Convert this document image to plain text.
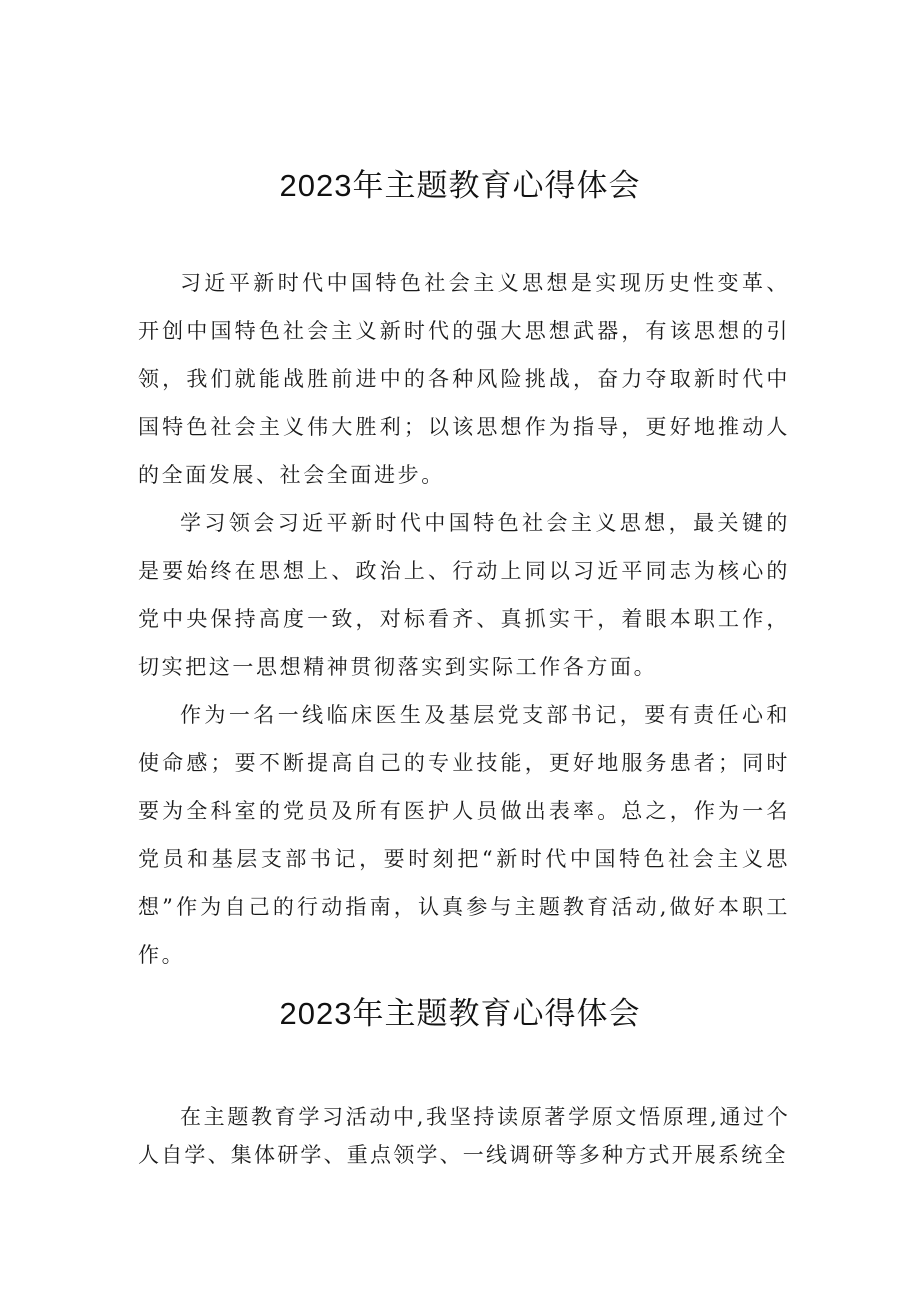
2023年主题教育心得体会

习近平新时代中国特色社会主义思想是实现历史性变革、开创中国特色社会主义新时代的强大思想武器，有该思想的引领，我们就能战胜前进中的各种风险挑战，奋力夺取新时代中国特色社会主义伟大胜利；以该思想作为指导，更好地推动人的全面发展、社会全面进步。

学习领会习近平新时代中国特色社会主义思想，最关键的是要始终在思想上、政治上、行动上同以习近平同志为核心的党中央保持高度一致，对标看齐、真抓实干，着眼本职工作，切实把这一思想精神贯彻落实到实际工作各方面。

作为一名一线临床医生及基层党支部书记，要有责任心和使命感；要不断提高自己的专业技能，更好地服务患者；同时要为全科室的党员及所有医护人员做出表率。总之，作为一名党员和基层支部书记，要时刻把“新时代中国特色社会主义思想”作为自己的行动指南，认真参与主题教育活动,做好本职工作。

2023年主题教育心得体会

在主题教育学习活动中,我坚持读原著学原文悟原理,通过个人自学、集体研学、重点领学、一线调研等多种方式开展系统全
